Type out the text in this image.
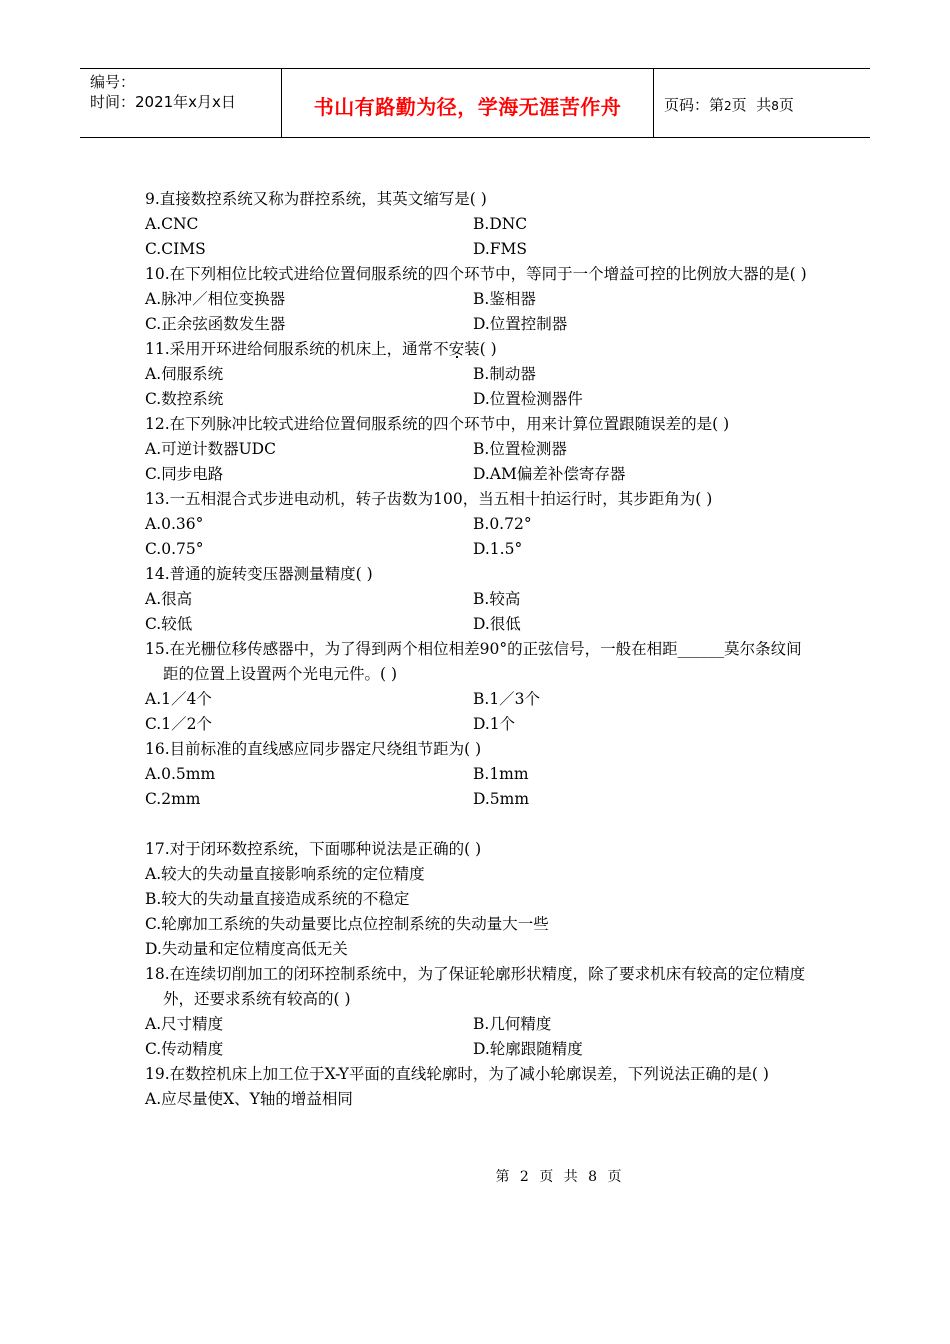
编号：
时间：2021年x月x日	书山有路勤为径，学海无涯苦作舟	页码：第2页  共8页
9.直接数控系统又称为群控系统，其英文缩写是( )
A.CNC	B.DNC
C.CIMS	D.FMS
10.在下列相位比较式进给位置伺服系统的四个环节中，等同于一个增益可控的比例放大器的是( )
A.脉冲／相位变换器	B.鉴相器
C.正余弦函数发生器	D.位置控制器
11.采用开环进给伺服系统的机床上，通常不安装( )
A.伺服系统	B.制动器
C.数控系统	D.位置检测器件
12.在下列脉冲比较式进给位置伺服系统的四个环节中，用来计算位置跟随误差的是( )
A.可逆计数器UDC	B.位置检测器
C.同步电路	D.AM偏差补偿寄存器
13.一五相混合式步进电动机，转子齿数为100，当五相十拍运行时，其步距角为( )
A.0.36°	B.0.72°
C.0.75°	D.1.5°
14.普通的旋转变压器测量精度( )
A.很高	B.较高
C.较低	D.很低
15.在光栅位移传感器中，为了得到两个相位相差90°的正弦信号，一般在相距______莫尔条纹间距的位置上设置两个光电元件。( )
A.1／4个	B.1／3个
C.1／2个	D.1个
16.目前标准的直线感应同步器定尺绕组节距为( )
A.0.5mm	B.1mm
C.2mm	D.5mm
17.对于闭环数控系统，下面哪种说法是正确的( )
A.较大的失动量直接影响系统的定位精度
B.较大的失动量直接造成系统的不稳定
C.轮廓加工系统的失动量要比点位控制系统的失动量大一些
D.失动量和定位精度高低无关
18.在连续切削加工的闭环控制系统中，为了保证轮廓形状精度，除了要求机床有较高的定位精度外，还要求系统有较高的( )
A.尺寸精度	B.几何精度
C.传动精度	D.轮廓跟随精度
19.在数控机床上加工位于X-Y平面的直线轮廓时，为了减小轮廓误差，下列说法正确的是( )
A.应尽量使X、Y轴的增益相同
第 2 页 共 8 页
